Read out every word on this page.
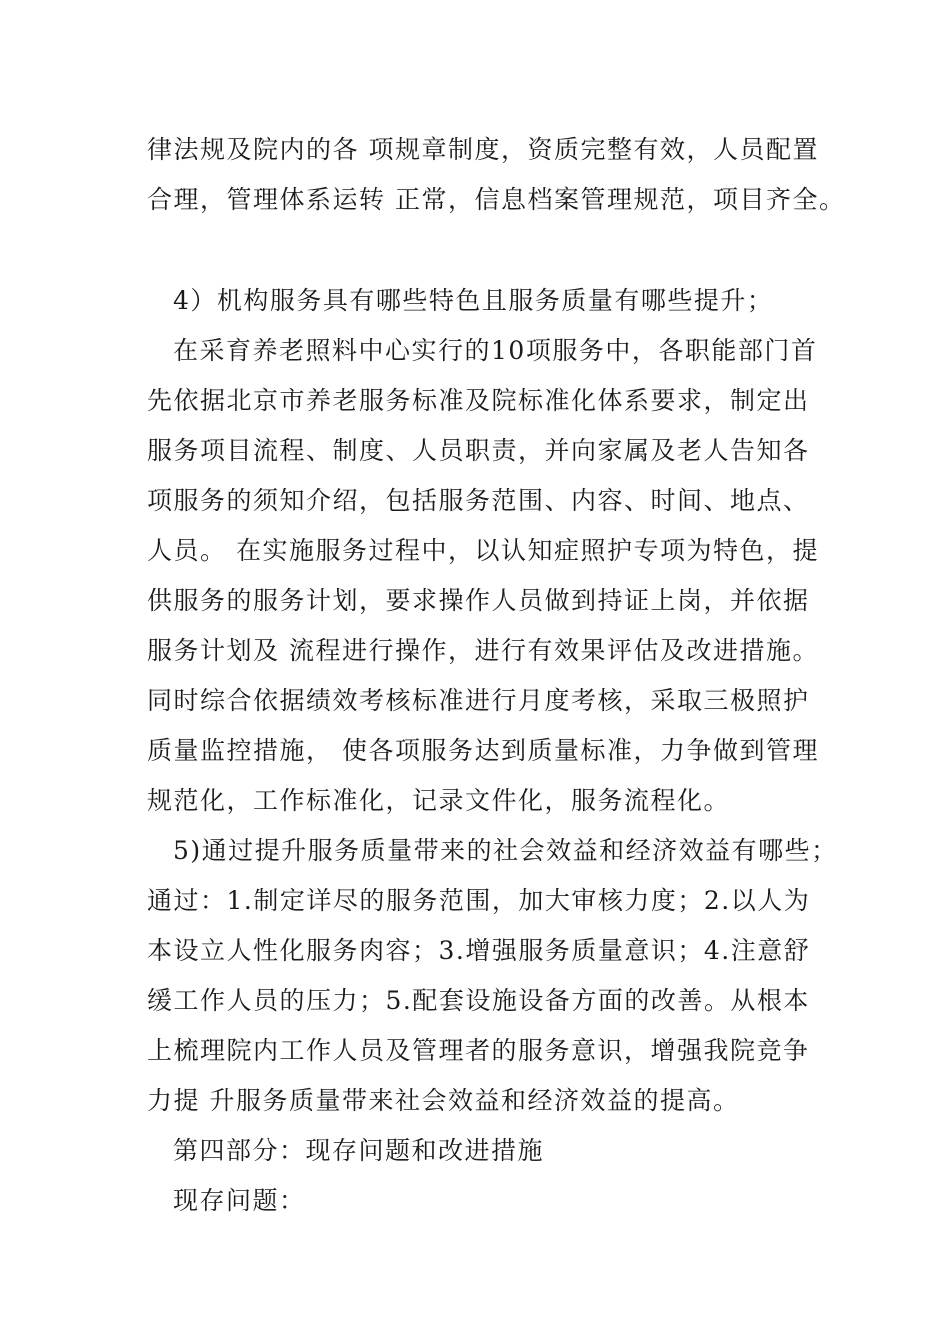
律法规及院内的各 项规章制度，资质完整有效，人员配置
合理，管理体系运转 正常，信息档案管理规范，项目齐全。
4）机构服务具有哪些特色且服务质量有哪些提升；
在采育养老照料中心实行的10项服务中，各职能部门首
先依据北京市养老服务标准及院标准化体系要求，制定出
服务项目流程、制度、人员职责，并向家属及老人告知各
项服务的须知介绍，包括服务范围、内容、时间、地点、
人员。 在实施服务过程中，以认知症照护专项为特色，提
供服务的服务计划，要求操作人员做到持证上岗，并依据
服务计划及 流程进行操作，进行有效果评估及改进措施。
同时综合依据绩效考核标准进行月度考核，采取三极照护
质量监控措施， 使各项服务达到质量标准，力争做到管理
规范化，工作标准化，记录文件化，服务流程化。
5)通过提升服务质量带来的社会效益和经济效益有哪些；
通过：1.制定详尽的服务范围，加大审核力度；2.以人为
本设立人性化服务肉容；3.增强服务质量意识；4.注意舒
缓工作人员的压力；5.配套设施设备方面的改善。从根本
上梳理院内工作人员及管理者的服务意识，增强我院竞争
力提 升服务质量带来社会效益和经济效益的提高。
第四部分：现存问题和改进措施
现存问题：
